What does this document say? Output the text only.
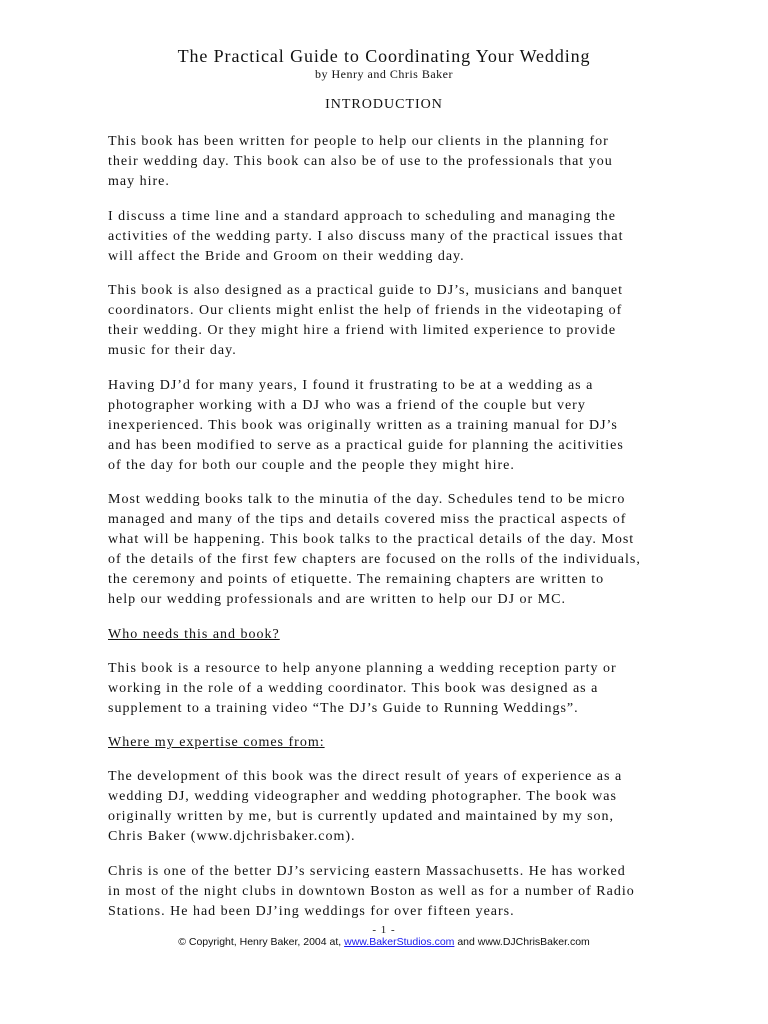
The Practical Guide to Coordinating Your Wedding
by Henry and Chris Baker
INTRODUCTION

This book has been written for people to help our clients in the planning for
their wedding day. This book can also be of use to the professionals that you
may hire.

I discuss a time line and a standard approach to scheduling and managing the
activities of the wedding party. I also discuss many of the practical issues that
will affect the Bride and Groom on their wedding day.

This book is also designed as a practical guide to DJ’s, musicians and banquet
coordinators. Our clients might enlist the help of friends in the videotaping of
their wedding. Or they might hire a friend with limited experience to provide
music for their day.

Having DJ’d for many years, I found it frustrating to be at a wedding as a
photographer working with a DJ who was a friend of the couple but very
inexperienced. This book was originally written as a training manual for DJ’s
and has been modified to serve as a practical guide for planning the acitivities
of the day for both our couple and the people they might hire.

Most wedding books talk to the minutia of the day. Schedules tend to be micro
managed and many of the tips and details covered miss the practical aspects of
what will be happening. This book talks to the practical details of the day. Most
of the details of the first few chapters are focused on the rolls of the individuals,
the ceremony and points of etiquette. The remaining chapters are written to
help our wedding professionals and are written to help our DJ or MC.

Who needs this and book?

This book is a resource to help anyone planning a wedding reception party or
working in the role of a wedding coordinator. This book was designed as a
supplement to a training video “The DJ’s Guide to Running Weddings”.

Where my expertise comes from:

The development of this book was the direct result of years of experience as a
wedding DJ, wedding videographer and wedding photographer. The book was
originally written by me, but is currently updated and maintained by my son,
Chris Baker (www.djchrisbaker.com).

Chris is one of the better DJ’s servicing eastern Massachusetts. He has worked
in most of the night clubs in downtown Boston as well as for a number of Radio
Stations. He had been DJ’ing weddings for over fifteen years.

- 1 -
© Copyright, Henry Baker, 2004 at, www.BakerStudios.com and www.DJChrisBaker.com
